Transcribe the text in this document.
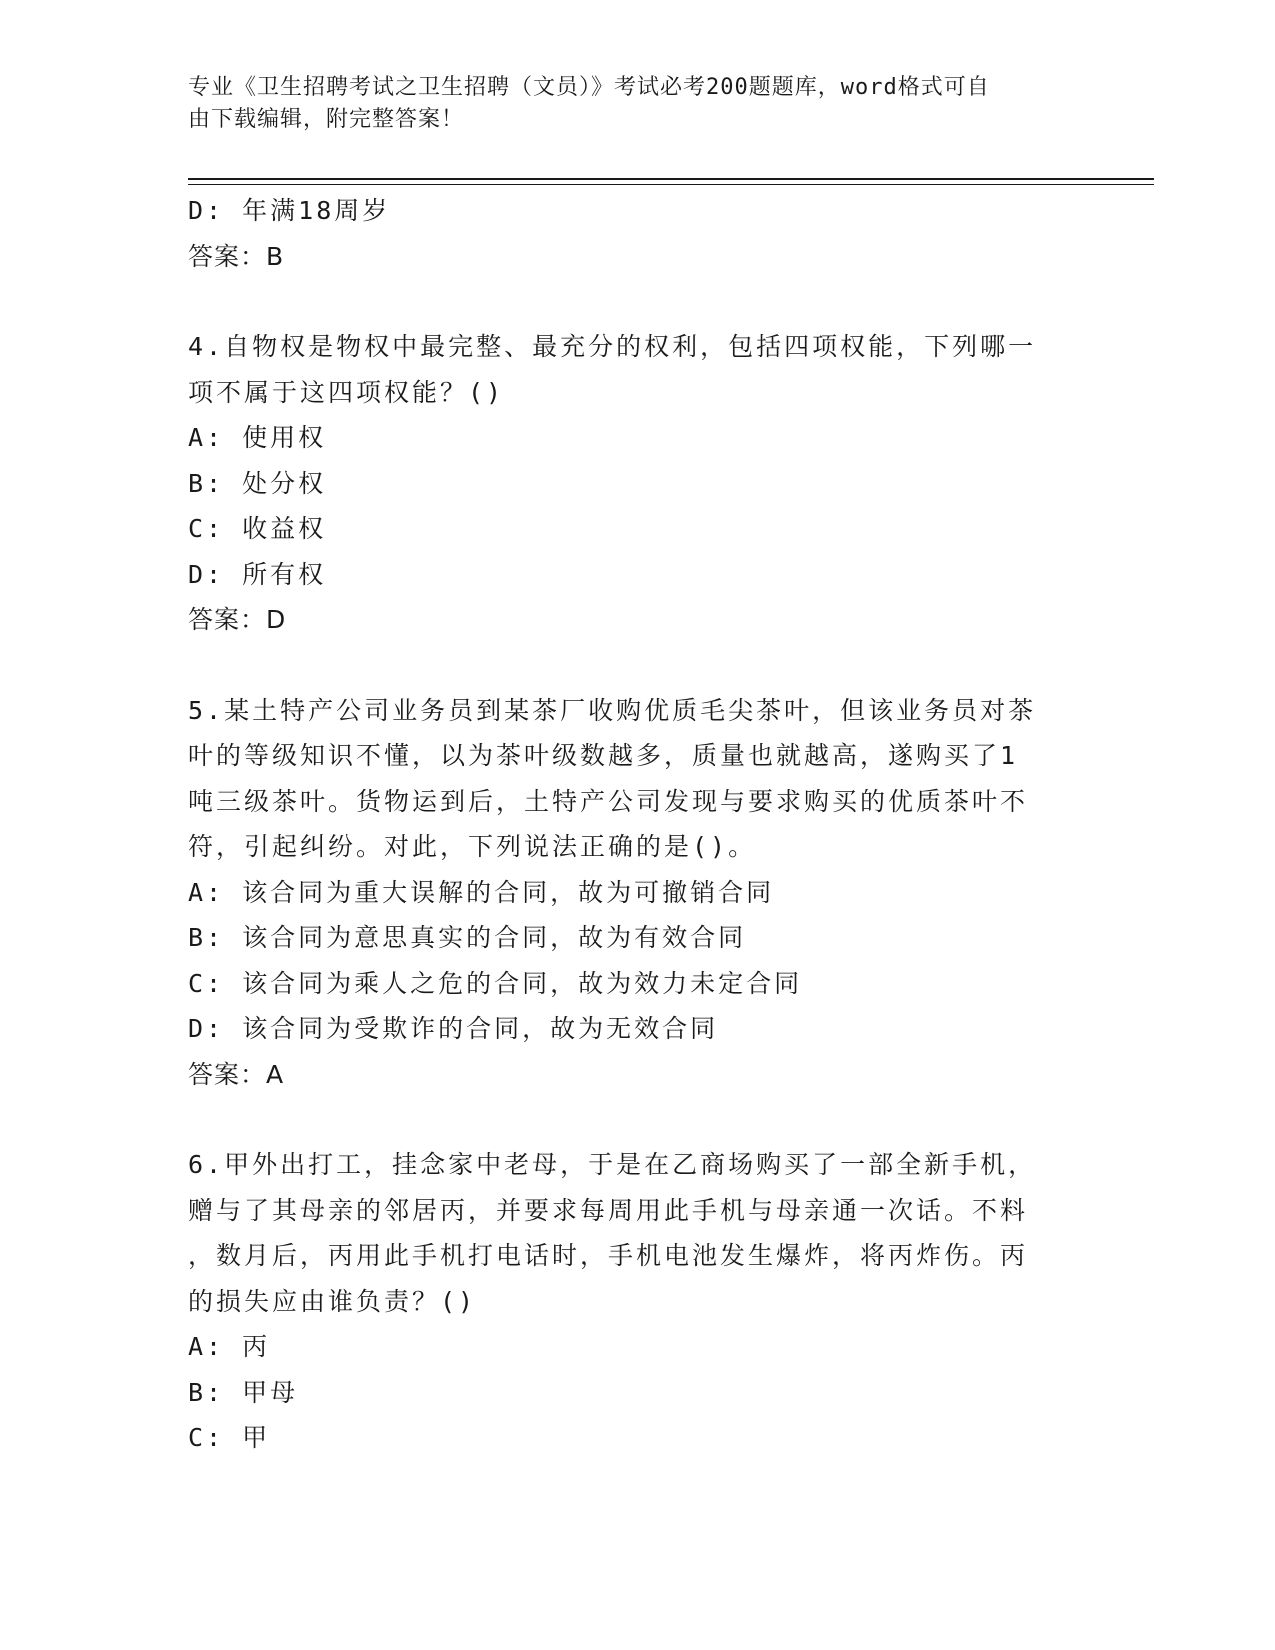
专业《卫生招聘考试之卫生招聘（文员）》考试必考200题题库，word格式可自
由下载编辑，附完整答案！
D: 年满18周岁
答案：B
4.自物权是物权中最完整、最充分的权利，包括四项权能，下列哪一
项不属于这四项权能？()
A: 使用权
B: 处分权
C: 收益权
D: 所有权
答案：D
5.某土特产公司业务员到某茶厂收购优质毛尖茶叶，但该业务员对茶
叶的等级知识不懂，以为茶叶级数越多，质量也就越高，遂购买了1
吨三级茶叶。货物运到后，土特产公司发现与要求购买的优质茶叶不
符，引起纠纷。对此，下列说法正确的是()。
A: 该合同为重大误解的合同，故为可撤销合同
B: 该合同为意思真实的合同，故为有效合同
C: 该合同为乘人之危的合同，故为效力未定合同
D: 该合同为受欺诈的合同，故为无效合同
答案：A
6.甲外出打工，挂念家中老母，于是在乙商场购买了一部全新手机，
赠与了其母亲的邻居丙，并要求每周用此手机与母亲通一次话。不料
，数月后，丙用此手机打电话时，手机电池发生爆炸，将丙炸伤。丙
的损失应由谁负责？()
A: 丙
B: 甲母
C: 甲
